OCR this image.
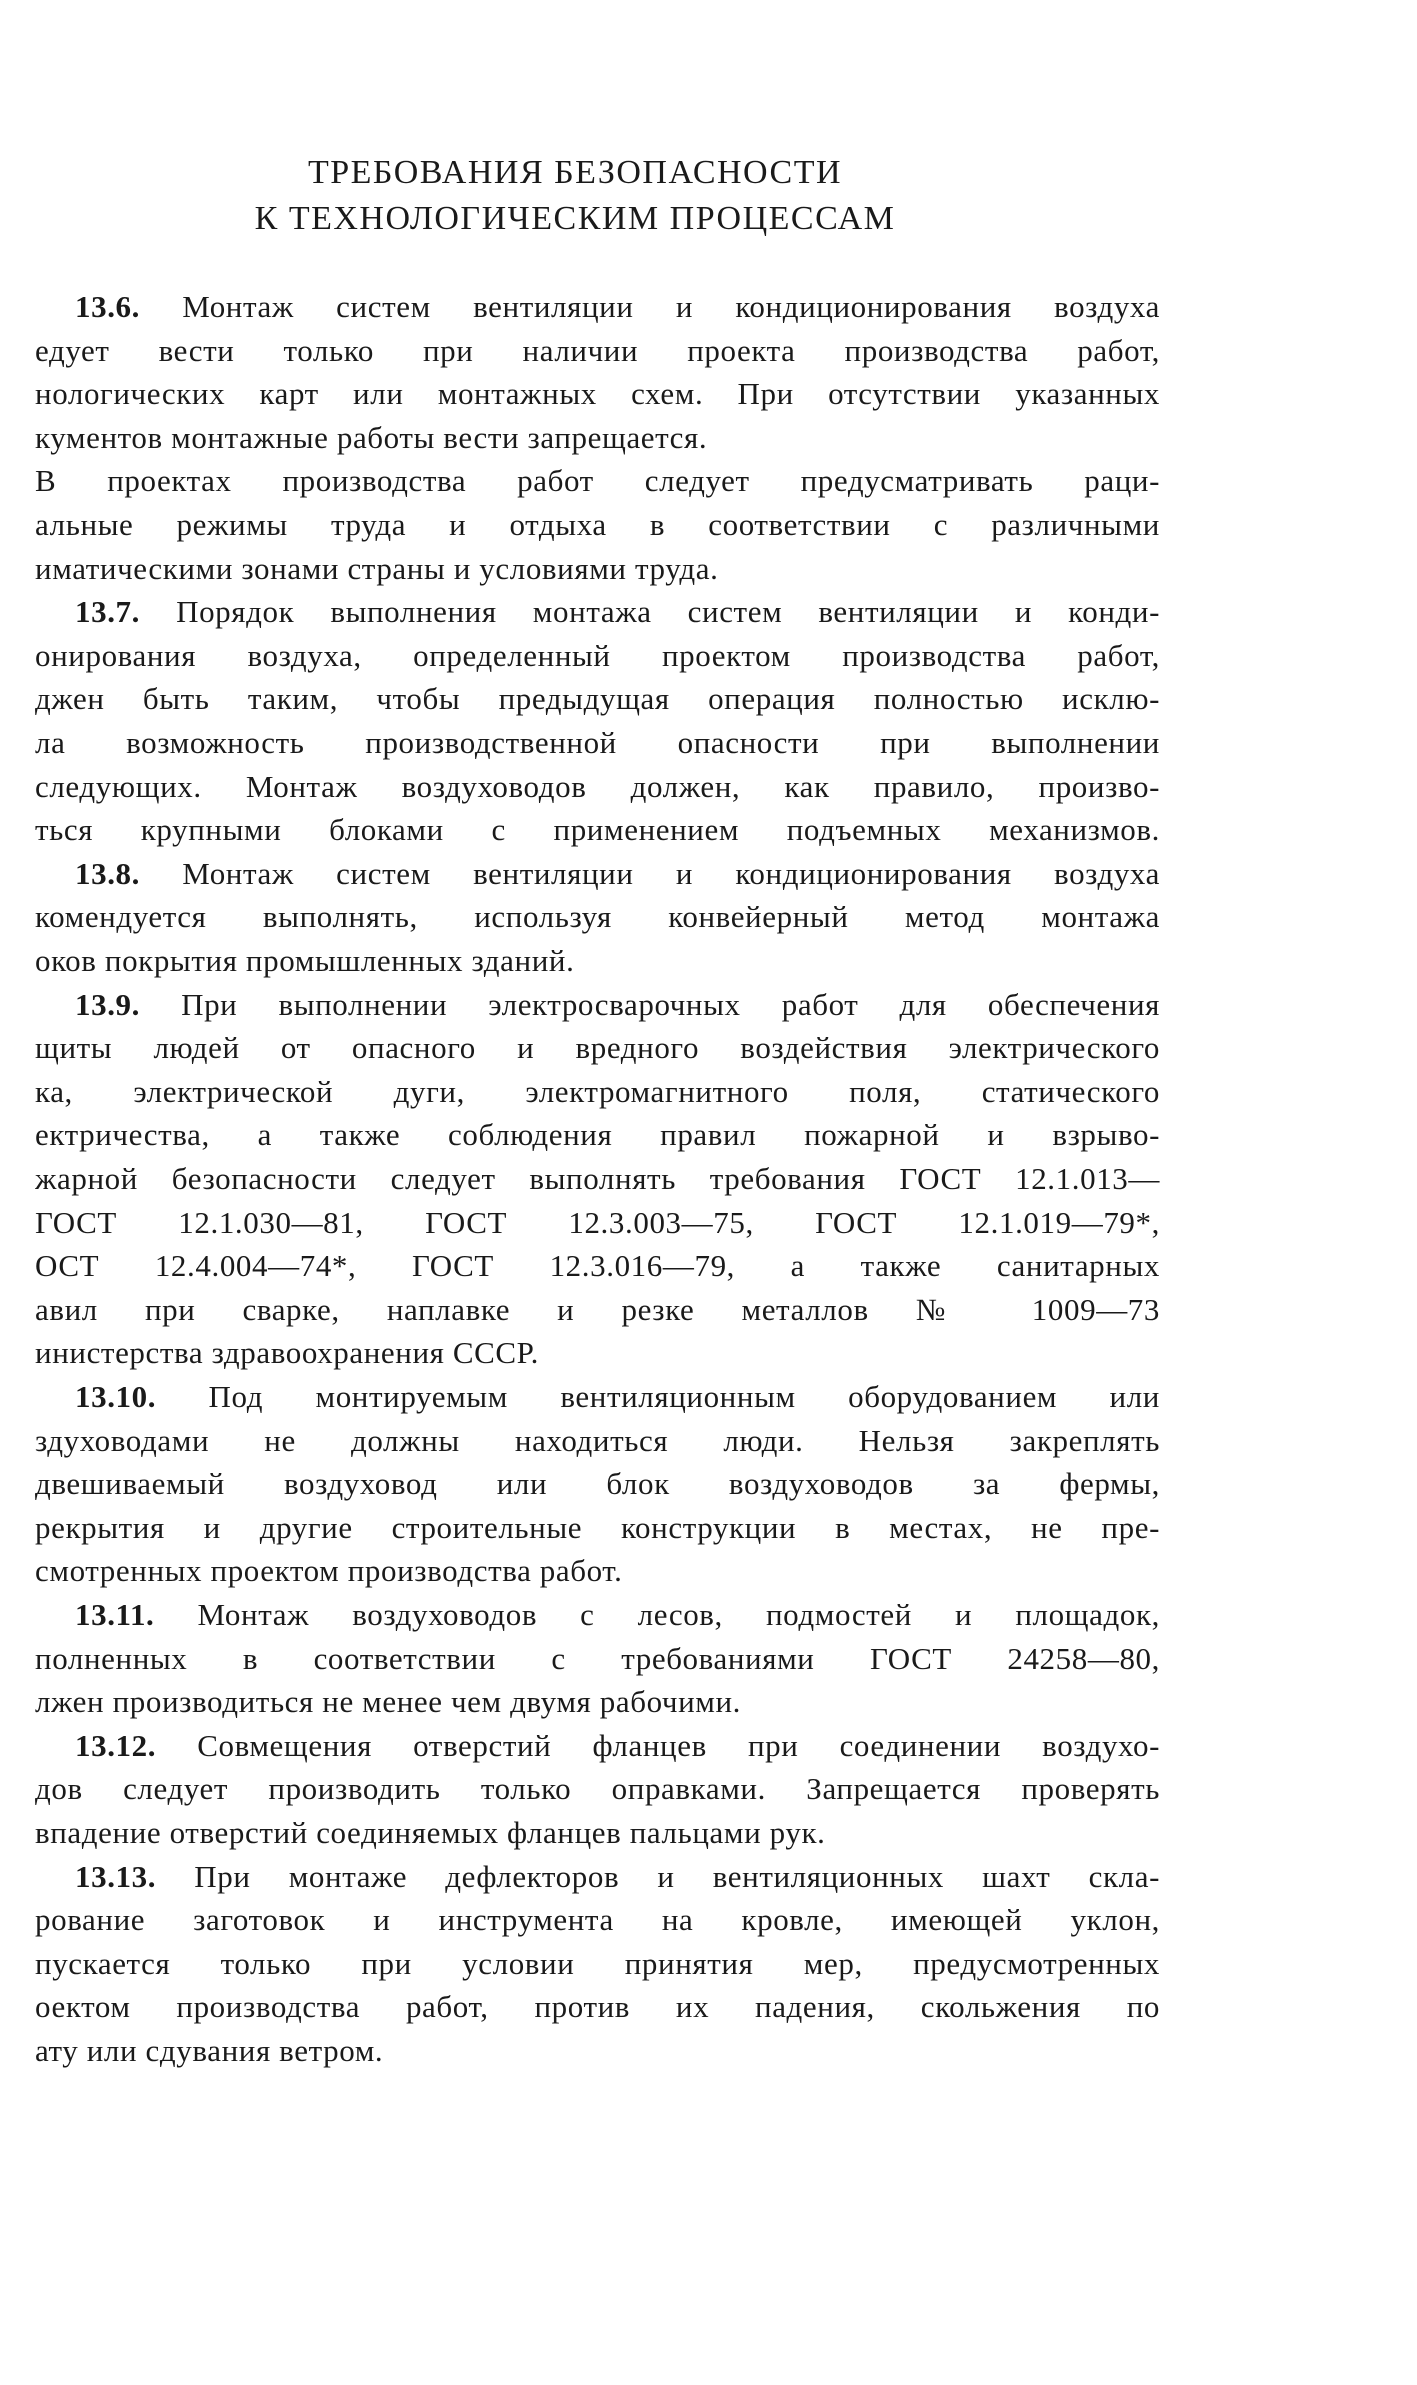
ТРЕБОВАНИЯ БЕЗОПАСНОСТИ
К ТЕХНОЛОГИЧЕСКИМ ПРОЦЕССАМ
13.6. Монтаж систем вентиляции и кондиционирования воздуха
едует вести только при наличии проекта производства работ,
нологических карт или монтажных схем. При отсутствии указанных
кументов монтажные работы вести запрещается.
В проектах производства работ следует предусматривать раци-
альные режимы труда и отдыха в соответствии с различными
иматическими зонами страны и условиями труда.
13.7. Порядок выполнения монтажа систем вентиляции и конди-
онирования воздуха, определенный проектом производства работ,
джен быть таким, чтобы предыдущая операция полностью исклю-
ла возможность производственной опасности при выполнении
следующих. Монтаж воздуховодов должен, как правило, произво-
ться крупными блоками с применением подъемных механизмов.
13.8. Монтаж систем вентиляции и кондиционирования воздуха
комендуется выполнять, используя конвейерный метод монтажа
оков покрытия промышленных зданий.
13.9. При выполнении электросварочных работ для обеспечения
щиты людей от опасного и вредного воздействия электрического
ка, электрической дуги, электромагнитного поля, статического
ектричества, а также соблюдения правил пожарной и взрыво-
жарной безопасности следует выполнять требования ГОСТ 12.1.013—
ГОСТ 12.1.030—81, ГОСТ 12.3.003—75, ГОСТ 12.1.019—79*,
ОСТ 12.4.004—74*, ГОСТ 12.3.016—79, а также санитарных
авил при сварке, наплавке и резке металлов № 1009—73
инистерства здравоохранения СССР.
13.10. Под монтируемым вентиляционным оборудованием или
здуховодами не должны находиться люди. Нельзя закреплять
двешиваемый воздуховод или блок воздуховодов за фермы,
рекрытия и другие строительные конструкции в местах, не пре-
смотренных проектом производства работ.
13.11. Монтаж воздуховодов с лесов, подмостей и площадок,
полненных в соответствии с требованиями ГОСТ 24258—80,
лжен производиться не менее чем двумя рабочими.
13.12. Совмещения отверстий фланцев при соединении воздухо-
дов следует производить только оправками. Запрещается проверять
впадение отверстий соединяемых фланцев пальцами рук.
13.13. При монтаже дефлекторов и вентиляционных шахт скла-
рование заготовок и инструмента на кровле, имеющей уклон,
пускается только при условии принятия мер, предусмотренных
оектом производства работ, против их падения, скольжения по
ату или сдувания ветром.
